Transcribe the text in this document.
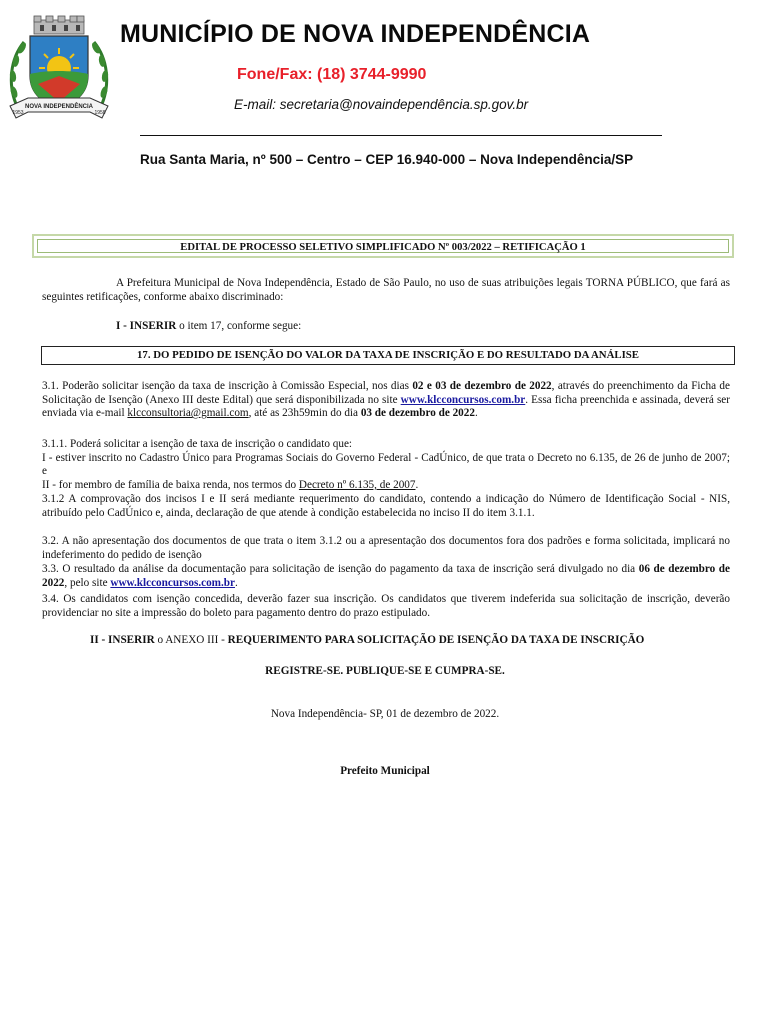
NOVA INDEPENDÊNCIA
1953	1958
MUNICÍPIO DE NOVA INDEPENDÊNCIA
Fone/Fax: (18) 3744-9990
E-mail: secretaria@novaindependência.sp.gov.br
Rua Santa Maria, nº 500 – Centro – CEP 16.940-000 – Nova Independência/SP
EDITAL DE PROCESSO SELETIVO SIMPLIFICADO Nº 003/2022 – RETIFICAÇÃO 1
A Prefeitura Municipal de Nova Independência, Estado de São Paulo, no uso de suas atribuições legais TORNA PÚBLICO, que fará as seguintes retificações, conforme abaixo discriminado:
I - INSERIR o item 17, conforme segue:
17. DO PEDIDO DE ISENÇÃO DO VALOR DA TAXA DE INSCRIÇÃO E DO RESULTADO DA ANÁLISE
3.1. Poderão solicitar isenção da taxa de inscrição à Comissão Especial, nos dias 02 e 03 de dezembro de 2022, através do preenchimento da Ficha de Solicitação de Isenção (Anexo III deste Edital) que será disponibilizada no site www.klcconcursos.com.br. Essa ficha preenchida e assinada, deverá ser enviada via e-mail klcconsultoria@gmail.com, até as 23h59min do dia 03 de dezembro de 2022.
3.1.1. Poderá solicitar a isenção de taxa de inscrição o candidato que:
I - estiver inscrito no Cadastro Único para Programas Sociais do Governo Federal - CadÚnico, de que trata o Decreto no 6.135, de 26 de junho de 2007; e
II - for membro de família de baixa renda, nos termos do Decreto nº 6.135, de 2007.
3.1.2 A comprovação dos incisos I e II será mediante requerimento do candidato, contendo a indicação do Número de Identificação Social - NIS, atribuído pelo CadÚnico e, ainda, declaração de que atende à condição estabelecida no inciso II do item 3.1.1.
3.2. A não apresentação dos documentos de que trata o item 3.1.2 ou a apresentação dos documentos fora dos padrões e forma solicitada, implicará no indeferimento do pedido de isenção
3.3. O resultado da análise da documentação para solicitação de isenção do pagamento da taxa de inscrição será divulgado no dia 06 de dezembro de 2022, pelo site www.klcconcursos.com.br.
3.4. Os candidatos com isenção concedida, deverão fazer sua inscrição. Os candidatos que tiverem indeferida sua solicitação de inscrição, deverão providenciar no site a impressão do boleto para pagamento dentro do prazo estipulado.
II - INSERIR o ANEXO III - REQUERIMENTO PARA SOLICITAÇÃO DE ISENÇÃO DA TAXA DE INSCRIÇÃO
REGISTRE-SE. PUBLIQUE-SE E CUMPRA-SE.
Nova Independência- SP, 01 de dezembro de 2022.
Prefeito Municipal
